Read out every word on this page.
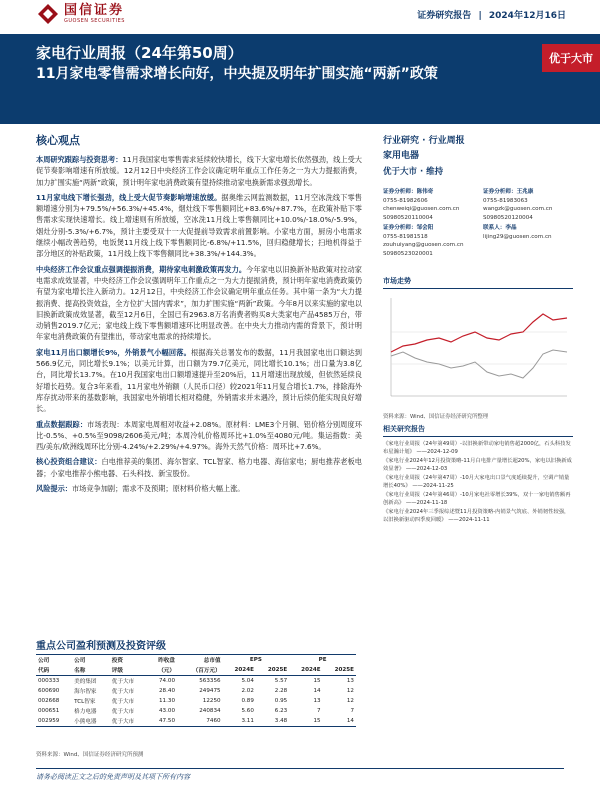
国信证券
GUOSEN SECURITIES	证券研究报告 | 2024年12月16日
家电行业周报（24年第50周）
11月家电零售需求增长向好，中央提及明年扩围实施“两新”政策
优于大市
核心观点
本周研究跟踪与投资思考：11月我国家电零售需求延续较快增长，线下大家电增长依然强劲，线上受大促节奏影响增速有所放缓。12月12日中央经济工作会议确定明年重点工作任务之一为大力提振消费，加力扩围实施“两新”政策，预计明年家电消费政策有望持续推动家电换新需求强劲增长。
11月家电线下增长强劲，线上受大促节奏影响增速放缓。据奥维云网监测数据，11月空冰洗线下零售额增速分别为+79.5%/+56.3%/+45.4%，烟灶线下零售额同比+83.6%/+87.7%，在政策补贴下零售需求实现快速增长。线上增速则有所放缓，空冰洗11月线上零售额同比+10.0%/-18.0%/-5.9%，烟灶分别-5.3%/+6.7%，预计主要受双十一大促提前导致需求前置影响。小家电方面，厨房小电需求继续小幅改善趋势，电饭煲11月线上线下零售额同比-6.8%/+11.5%，回归稳健增长；扫地机得益于部分地区的补贴政策，11月线上线下零售额同比+38.3%/+144.3%。
中央经济工作会议重点强调提振消费，期待家电刺激政策再发力。今年家电以旧换新补贴政策对拉动家电需求成效显著，中央经济工作会议强调明年工作重点之一为大力提振消费，预计明年家电消费政策仍有望为家电增长注入新动力。12月12日，中央经济工作会议确定明年重点任务。其中第一条为“大力提振消费、提高投资效益，全方位扩大国内需求”，加力扩围实施“两新”政策。今年8月以来实施的家电以旧换新政策成效显著，截至12月6日，全国已有2963.8万名消费者购买8大类家电产品4585万台，带动销售2019.7亿元；家电线上线下零售额增速环比明显改善。在中央大力推动内需的背景下，预计明年家电消费政策仍有望推出，带动家电需求的持续增长。
家电11月出口额增长9%，外销景气小幅回落。根据海关总署发布的数据，11月我国家电出口额达到566.9亿元，同比增长9.1%；以美元计算，出口额为79.7亿美元，同比增长10.1%；出口量为3.8亿台，同比增长13.7%。在10月我国家电出口额增速提升至20%后，11月增速出现放缓，但依然延续良好增长趋势。复合3年来看，11月家电外销额（人民币口径）较2021年11月复合增长1.7%，排除海外库存扰动带来的基数影响，我国家电外销增长相对稳健，外销需求并未遇冷，预计后续仍能实现良好增长。
重点数据跟踪：市场表现：本周家电周相对收益+2.08%。原材料：LME3个月铜、铝价格分别周度环比-0.5%、+0.5%至9098/2606美元/吨；本周冷轧价格周环比+1.0%至4080元/吨。集运指数：美西/美东/欧洲线周环比分别-4.24%/+2.29%/+4.97%。海外天然气价格：周环比+7.6%。
核心投资组合建议：白电推荐美的集团、海尔智家、TCL智家、格力电器、海信家电；厨电推荐老板电器；小家电推荐小熊电器、石头科技、新宝股份。
风险提示：市场竞争加剧；需求不及预期；原材料价格大幅上涨。
重点公司盈利预测及投资评级
公司	公司	投资	昨收盘	总市值	EPS		PE	
代码	名称	评级	（元）	（百万元）	2024E	2025E	2024E	2025E
000333	美的集团	优于大市	74.00	563356	5.04	5.57	15	13
600690	海尔智家	优于大市	28.40	249475	2.02	2.28	14	12
002668	TCL智家	优于大市	11.30	12250	0.89	0.95	13	12
000651	格力电器	优于大市	43.00	240834	5.60	6.23	7	7
002959	小熊电器	优于大市	47.50	7460	3.11	3.48	15	14
资料来源：Wind、国信证券经济研究所预测
行业研究 · 行业周报
家用电器
优于大市 · 维持
证券分析师：陈伟奇
0755-81982606
chenweiqi@guosen.com.cn
S0980520110004
证券分析师：王兆康
0755-81983063
wangzk@guosen.com.cn
S0980520120004
证券分析师：邹会阳
0755-81981518
zouhuiyang@guosen.com.cn
S0980523020001
联系人：李晶
lijing29@guosen.com.cn
市场走势
资料来源：Wind、国信证券经济研究所整理
相关研究报告
《家电行业周报（24年第49周）-以旧换新带动家电销售超2000亿，石头科技发布星瀚计划》 ——2024-12-09
《家电行业2024年12月投资策略-11月白电排产量增长超20%，家电以旧换新成效显著》 ——2024-12-03
《家电行业周报（24年第47周）-10月大家电出口景气度延续提升，空调产销量增长40%》 ——2024-11-25
《家电行业周报（24年第46周）-10月家电社零增长39%，双十一家电销售额再创新高》 ——2024-11-18
《家电行业2024年三季报综述暨11月投资策略-内销景气筑底、外销韧性较强，以旧换新驱动四季度回暖》 ——2024-11-11
请务必阅读正文之后的免责声明及其项下所有内容
